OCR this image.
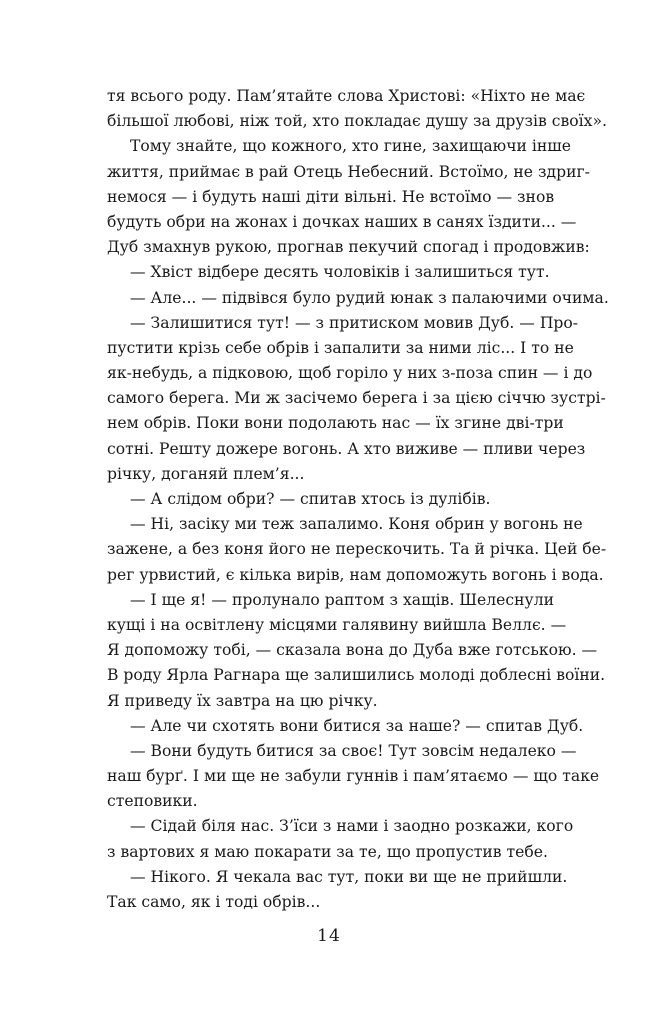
тя всього роду. Пам’ятайте слова Христові: «Ніхто не має
більшої любові, ніж той, хто покладає душу за друзів своїх».
Тому знайте, що кожного, хто гине, захищаючи інше
життя, приймає в рай Отець Небесний. Встоїмо, не здриг-
немося — і будуть наші діти вільні. Не встоїмо — знов
будуть обри на жонах і дочках наших в санях їздити... —
Дуб змахнув рукою, прогнав пекучий спогад і продовжив:
— Хвіст відбере десять чоловіків і залишиться тут.
— Але... — підвівся було рудий юнак з палаючими очима.
— Залишитися тут! — з притиском мовив Дуб. — Про-
пустити крізь себе обрів і запалити за ними ліс... І то не
як-небудь, а підковою, щоб горіло у них з-поза спин — і до
самого берега. Ми ж засічемо берега і за цією січчю зустрі-
нем обрів. Поки вони подолають нас — їх згине дві-три
сотні. Решту дожере вогонь. А хто виживе — пливи через
річку, доганяй плем’я...
— А слідом обри? — спитав хтось із дулібів.
— Ні, засіку ми теж запалимо. Коня обрин у вогонь не
зажене, а без коня його не перескочить. Та й річка. Цей бе-
рег урвистий, є кілька вирів, нам допоможуть вогонь і вода.
— І ще я! — пролунало раптом з хащів. Шелеснули
кущі і на освітлену місцями галявину вийшла Веллє. —
Я допоможу тобі, — сказала вона до Дуба вже готською. —
В роду Ярла Рагнара ще залишились молоді доблесні воїни.
Я приведу їх завтра на цю річку.
— Але чи схотять вони битися за наше? — спитав Дуб.
— Вони будуть битися за своє! Тут зовсім недалеко —
наш бурґ. І ми ще не забули гуннів і пам’ятаємо — що таке
степовики.
— Сідай біля нас. З’їси з нами і заодно розкажи, кого
з вартових я маю покарати за те, що пропустив тебе.
— Нікого. Я чекала вас тут, поки ви ще не прийшли.
Так само, як і тоді обрів...
14
